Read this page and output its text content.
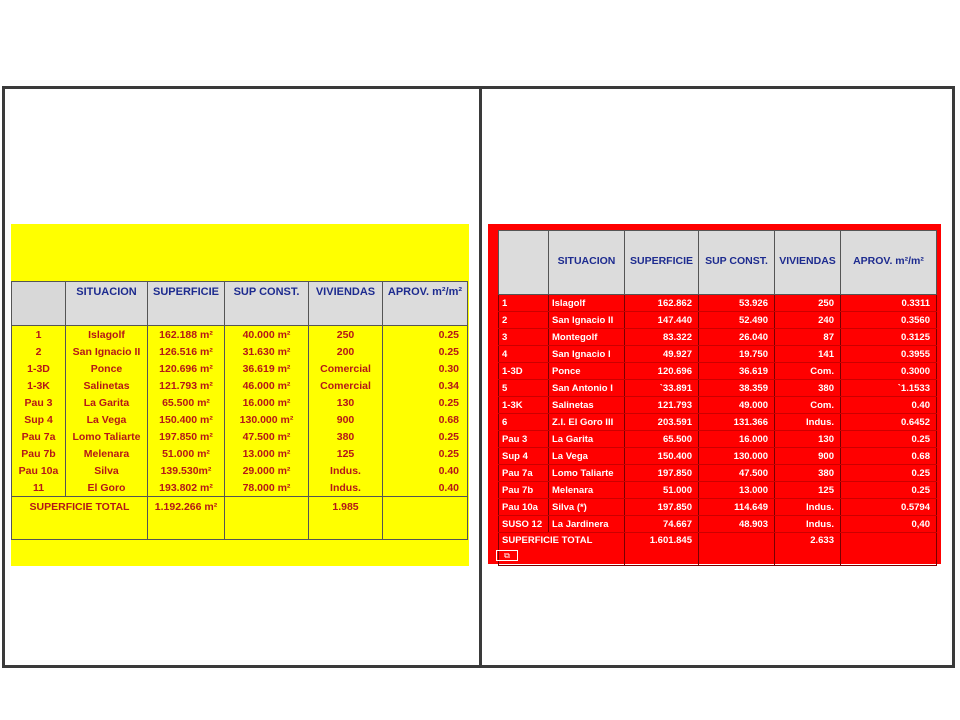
	SITUACION	SUPERFICIE	SUP CONST.	VIVIENDAS	APROV. m²/m²
1	Islagolf	162.188 m²	40.000 m²	250	0.25
2	San Ignacio II	126.516 m²	31.630 m²	200	0.25
1-3D	Ponce	120.696 m²	36.619 m²	Comercial	0.30
1-3K	Salinetas	121.793 m²	46.000 m²	Comercial	0.34
Pau 3	La Garita	65.500 m²	16.000 m²	130	0.25
Sup 4	La Vega	150.400 m²	130.000 m²	900	0.68
Pau 7a	Lomo Taliarte	197.850 m²	47.500 m²	380	0.25
Pau 7b	Melenara	51.000 m²	13.000 m²	125	0.25
Pau 10a	Silva	139.530m²	29.000 m²	Indus.	0.40
11	El Goro	193.802 m²	78.000 m²	Indus.	0.40
SUPERFICIE TOTAL		1.192.266 m²		1.985	
	SITUACION	SUPERFICIE	SUP CONST.	VIVIENDAS	APROV. m²/m²
1	Islagolf	162.862	53.926	250	0.3311
2	San Ignacio II	147.440	52.490	240	0.3560
3	Montegolf	83.322	26.040	87	0.3125
4	San Ignacio I	49.927	19.750	141	0.3955
1-3D	Ponce	120.696	36.619	Com.	0.3000
5	San Antonio I	`33.891	38.359	380	`1.1533
1-3K	Salinetas	121.793	49.000	Com.	0.40
6	Z.I. El Goro III	203.591	131.366	Indus.	0.6452
Pau 3	La Garita	65.500	16.000	130	0.25
Sup 4	La Vega	150.400	130.000	900	0.68
Pau 7a	Lomo Taliarte	197.850	47.500	380	0.25
Pau 7b	Melenara	51.000	13.000	125	0.25
Pau 10a	Silva (*)	197.850	114.649	Indus.	0.5794
SUSO 12	La Jardinera	74.667	48.903	Indus.	0,40
SUPERFICIE TOTAL		1.601.845		2.633	
⧉
